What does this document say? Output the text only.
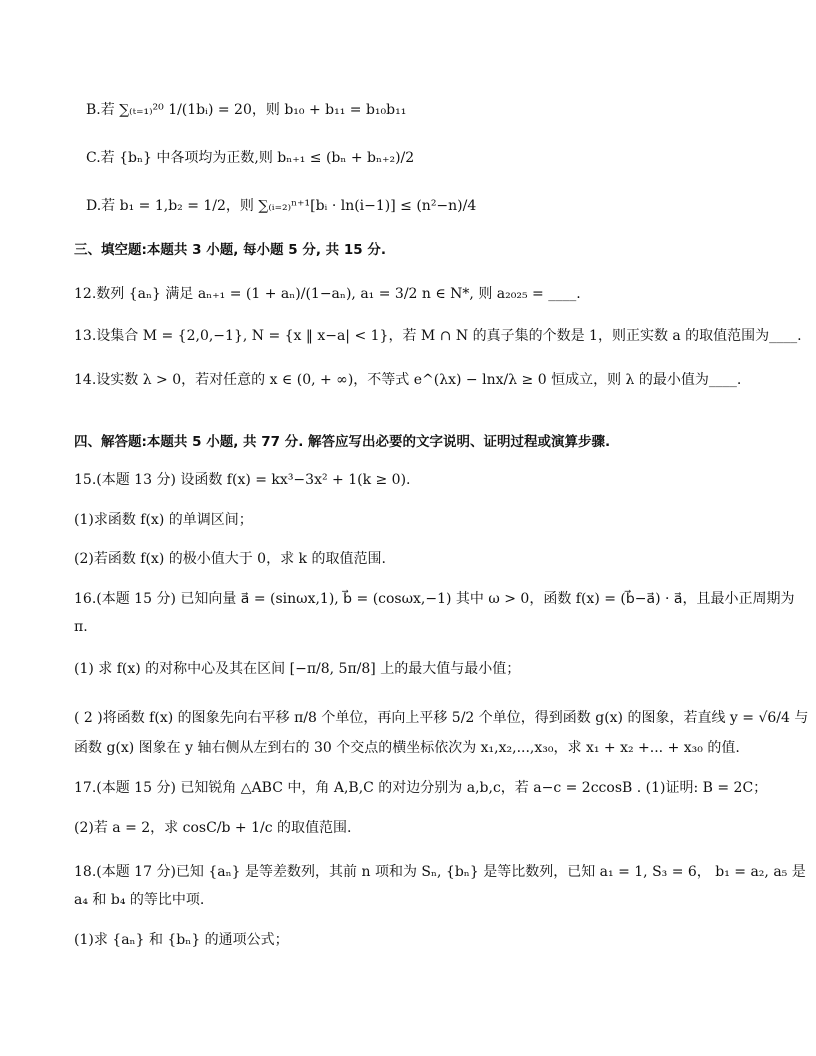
B.若 ∑₍ₜ₌₁₎²⁰ 1/(1bᵢ) = 20，则 b₁₀ + b₁₁ = b₁₀b₁₁
C.若 {bₙ} 中各项均为正数,则 bₙ₊₁ ≤ (bₙ + bₙ₊₂)/2
D.若 b₁ = 1,b₂ = 1/2，则 ∑₍ᵢ₌₂₎ⁿ⁺¹[bᵢ · ln(i−1)] ≤ (n²−n)/4
三、填空题:本题共 3 小题, 每小题 5 分, 共 15 分.
12.数列 {aₙ} 满足 aₙ₊₁ = (1 + aₙ)/(1−aₙ), a₁ = 3/2 n ∈ N*, 则 a₂₀₂₅ = ____.
13.设集合 M = {2,0,−1}, N = {x ‖ x−a| < 1}，若 M ∩ N 的真子集的个数是 1，则正实数 a 的取值范围为____.
14.设实数 λ > 0，若对任意的 x ∈ (0, + ∞)，不等式 e^(λx) − lnx/λ ≥ 0 恒成立，则 λ 的最小值为____.
四、解答题:本题共 5 小题, 共 77 分. 解答应写出必要的文字说明、证明过程或演算步骤.
15.(本题 13 分) 设函数 f(x) = kx³−3x² + 1(k ≥ 0).
(1)求函数 f(x) 的单调区间；
(2)若函数 f(x) 的极小值大于 0，求 k 的取值范围.
16.(本题 15 分) 已知向量 a⃗ = (sinωx,1), b⃗ = (cosωx,−1) 其中 ω > 0，函数 f(x) = (b⃗−a⃗) · a⃗，且最小正周期为
π.
(1) 求 f(x) 的对称中心及其在区间 [−π/8, 5π/8] 上的最大值与最小值；
( 2 )将函数 f(x) 的图象先向右平移 π/8 个单位，再向上平移 5/2 个单位，得到函数 g(x) 的图象，若直线 y = √6/4 与
函数 g(x) 图象在 y 轴右侧从左到右的 30 个交点的横坐标依次为 x₁,x₂,...,x₃₀，求 x₁ + x₂ +... + x₃₀ 的值.
17.(本题 15 分) 已知锐角 △ABC 中，角 A,B,C 的对边分别为 a,b,c，若 a−c = 2ccosB . (1)证明: B = 2C；
(2)若 a = 2，求 cosC/b + 1/c 的取值范围.
18.(本题 17 分)已知 {aₙ} 是等差数列，其前 n 项和为 Sₙ, {bₙ} 是等比数列，已知 a₁ = 1, S₃ = 6， b₁ = a₂, a₅ 是
a₄ 和 b₄ 的等比中项.
(1)求 {aₙ} 和 {bₙ} 的通项公式；
